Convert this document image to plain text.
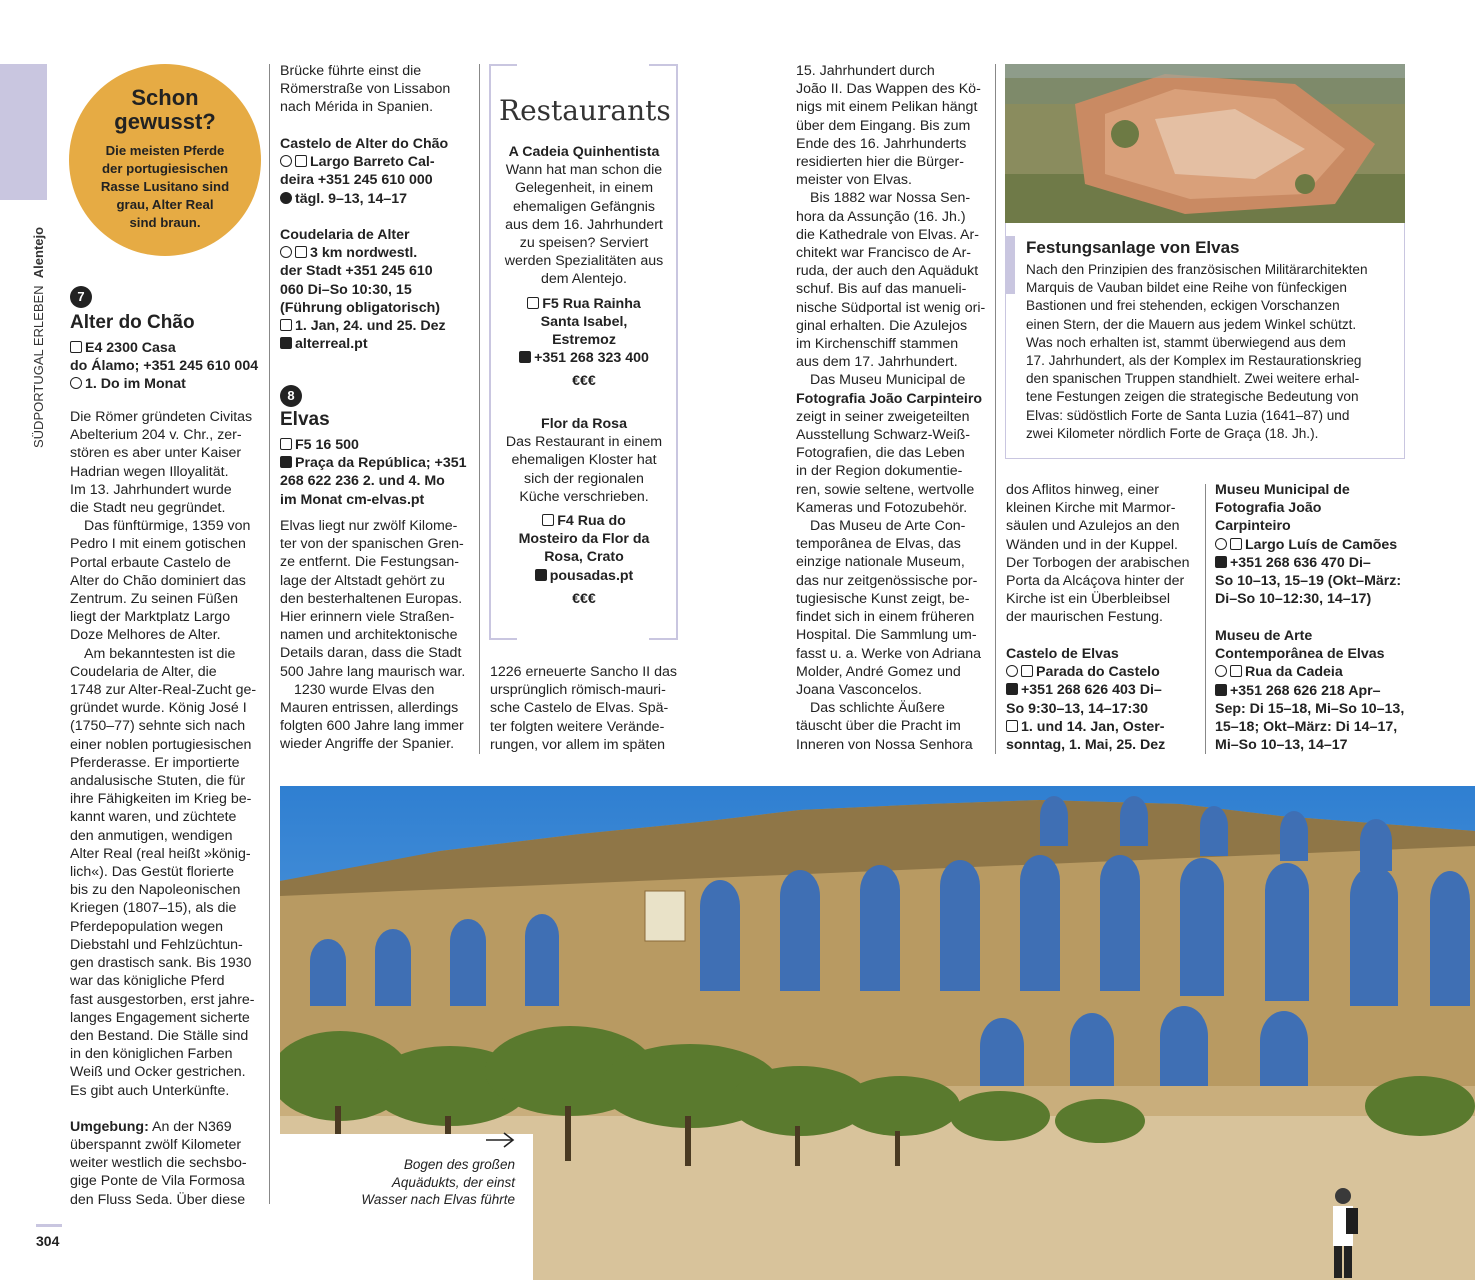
SÜDPORTUGAL ERLEBEN  Alentejo
304
Schon
gewusst?
Die meisten Pferde
der portugiesischen
Rasse Lusitano sind
grau, Alter Real
sind braun.
7
Alter do Chão
E4 2300 Casa
do Álamo; +351 245 610 004
1. Do im Monat
Die Römer gründeten Civitas
Abelterium 204 v. Chr., zer-
stören es aber unter Kaiser
Hadrian wegen Illoyalität.
Im 13. Jahrhundert wurde
die Stadt neu gegründet.
Das fünftürmige, 1359 von
Pedro I mit einem gotischen
Portal erbaute Castelo de
Alter do Chão dominiert das
Zentrum. Zu seinen Füßen
liegt der Marktplatz Largo
Doze Melhores de Alter.
Am bekanntesten ist die
Coudelaria de Alter, die
1748 zur Alter-Real-Zucht ge-
gründet wurde. König José I
(1750–77) sehnte sich nach
einer noblen portugiesischen
Pferderasse. Er importierte
andalusische Stuten, die für
ihre Fähigkeiten im Krieg be-
kannt waren, und züchtete
den anmutigen, wendigen
Alter Real (real heißt »könig-
lich«). Das Gestüt florierte
bis zu den Napoleonischen
Kriegen (1807–15), als die
Pferdepopulation wegen
Diebstahl und Fehlzüchtun-
gen drastisch sank. Bis 1930
war das königliche Pferd
fast ausgestorben, erst jahre-
langes Engagement sicherte
den Bestand. Die Ställe sind
in den königlichen Farben
Weiß und Ocker gestrichen.
Es gibt auch Unterkünfte.
Umgebung: An der N369
überspannt zwölf Kilometer
weiter westlich die sechsbo-
gige Ponte de Vila Formosa
den Fluss Seda. Über diese
Brücke führte einst die
Römerstraße von Lissabon
nach Mérida in Spanien.
Castelo de Alter do Chão
Largo Barreto Cal-
deira +351 245 610 000
tägl. 9–13, 14–17
Coudelaria de Alter
3 km nordwestl.
der Stadt +351 245 610
060 Di–So 10:30, 15
(Führung obligatorisch)
1. Jan, 24. und 25. Dez
alterreal.pt
8
Elvas
F5 16 500
Praça da República; +351
268 622 236 2. und 4. Mo
im Monat cm-elvas.pt
Elvas liegt nur zwölf Kilome-
ter von der spanischen Gren-
ze entfernt. Die Festungsan-
lage der Altstadt gehört zu
den besterhaltenen Europas.
Hier erinnern viele Straßen-
namen und architektonische
Details daran, dass die Stadt
500 Jahre lang maurisch war.
1230 wurde Elvas den
Mauren entrissen, allerdings
folgten 600 Jahre lang immer
wieder Angriffe der Spanier.
Restaurants
A Cadeia Quinhentista
Wann hat man schon die
Gelegenheit, in einem
ehemaligen Gefängnis
aus dem 16. Jahrhundert
zu speisen? Serviert
werden Spezialitäten aus
dem Alentejo.
F5 Rua Rainha
Santa Isabel,
Estremoz
+351 268 323 400
€€€
Flor da Rosa
Das Restaurant in einem
ehemaligen Kloster hat
sich der regionalen
Küche verschrieben.
F4 Rua do
Mosteiro da Flor da
Rosa, Crato
pousadas.pt
€€€
1226 erneuerte Sancho II das
ursprünglich römisch-mauri-
sche Castelo de Elvas. Spä-
ter folgten weitere Verände-
rungen, vor allem im späten
15. Jahrhundert durch
João II. Das Wappen des Kö-
nigs mit einem Pelikan hängt
über dem Eingang. Bis zum
Ende des 16. Jahrhunderts
residierten hier die Bürger-
meister von Elvas.
Bis 1882 war Nossa Sen-
hora da Assunção (16. Jh.)
die Kathedrale von Elvas. Ar-
chitekt war Francisco de Ar-
ruda, der auch den Aquädukt
schuf. Bis auf das manueli-
nische Südportal ist wenig ori-
ginal erhalten. Die Azulejos
im Kirchenschiff stammen
aus dem 17. Jahrhundert.
Das Museu Municipal de
Fotografia João Carpinteiro
zeigt in seiner zweigeteilten
Ausstellung Schwarz-Weiß-
Fotografien, die das Leben
in der Region dokumentie-
ren, sowie seltene, wertvolle
Kameras und Fotozubehör.
Das Museu de Arte Con-
temporânea de Elvas, das
einzige nationale Museum,
das nur zeitgenössische por-
tugiesische Kunst zeigt, be-
findet sich in einem früheren
Hospital. Die Sammlung um-
fasst u. a. Werke von Adriana
Molder, André Gomez und
Joana Vasconcelos.
Das schlichte Äußere
täuscht über die Pracht im
Inneren von Nossa Senhora
Festungsanlage von Elvas
Nach den Prinzipien des französischen Militärarchitekten
Marquis de Vauban bildet eine Reihe von fünfeckigen
Bastionen und frei stehenden, eckigen Vorschanzen
einen Stern, der die Mauern aus jedem Winkel schützt.
Was noch erhalten ist, stammt überwiegend aus dem
17. Jahrhundert, als der Komplex im Restaurationskrieg
den spanischen Truppen standhielt. Zwei weitere erhal-
tene Festungen zeigen die strategische Bedeutung von
Elvas: südöstlich Forte de Santa Luzia (1641–87) und
zwei Kilometer nördlich Forte de Graça (18. Jh.).
dos Aflitos hinweg, einer
kleinen Kirche mit Marmor-
säulen und Azulejos an den
Wänden und in der Kuppel.
Der Torbogen der arabischen
Porta da Alcáçova hinter der
Kirche ist ein Überbleibsel
der maurischen Festung.
Castelo de Elvas
Parada do Castelo
+351 268 626 403 Di–
So 9:30–13, 14–17:30
1. und 14. Jan, Oster-
sonntag, 1. Mai, 25. Dez
Museu Municipal de
Fotografia João
Carpinteiro
Largo Luís de Camões
+351 268 636 470 Di–
So 10–13, 15–19 (Okt–März:
Di–So 10–12:30, 14–17)
Museu de Arte
Contemporânea de Elvas
Rua da Cadeia
+351 268 626 218 Apr–
Sep: Di 15–18, Mi–So 10–13,
15–18; Okt–März: Di 14–17,
Mi–So 10–13, 14–17
Bogen des großen
Aquädukts, der einst
Wasser nach Elvas führte
